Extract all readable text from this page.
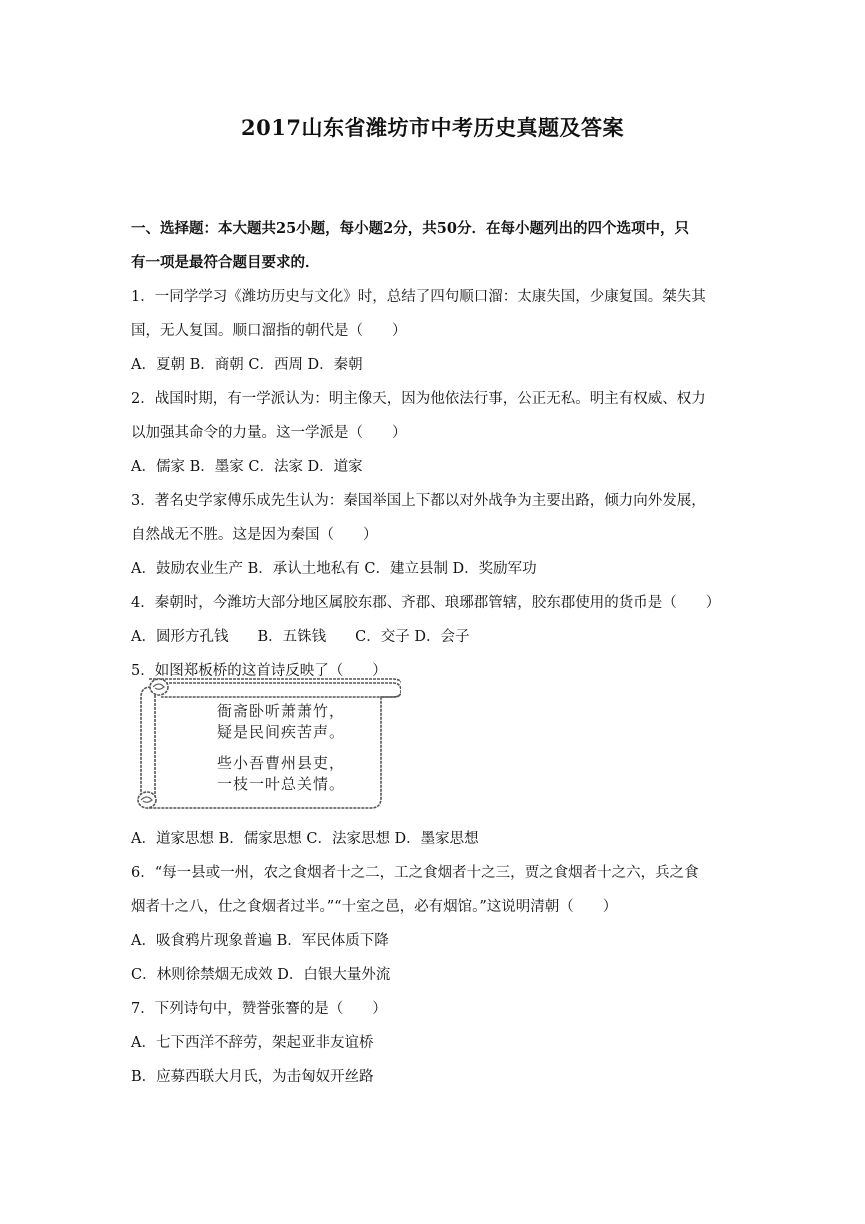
2017山东省潍坊市中考历史真题及答案
一、选择题：本大题共25小题，每小题2分，共50分．在每小题列出的四个选项中，只
有一项是最符合题目要求的．
1．一同学学习《潍坊历史与文化》时，总结了四句顺口溜：太康失国，少康复国。桀失其
国，无人复国。顺口溜指的朝代是（　　）
A．夏朝 B．商朝 C．西周 D．秦朝
2．战国时期，有一学派认为：明主像天，因为他依法行事，公正无私。明主有权威、权力
以加强其命令的力量。这一学派是（　　）
A．儒家 B．墨家 C．法家 D．道家
3．著名史学家傅乐成先生认为：秦国举国上下都以对外战争为主要出路，倾力向外发展，
自然战无不胜。这是因为秦国（　　）
A．鼓励农业生产 B．承认土地私有 C．建立县制 D．奖励军功
4．秦朝时，今潍坊大部分地区属胶东郡、齐郡、琅琊郡管辖，胶东郡使用的货币是（　　）
A．圆形方孔钱　　B．五铢钱　　C．交子 D．会子
5．如图郑板桥的这首诗反映了（　　）
衙斋卧听萧萧竹，
疑是民间疾苦声。
些小吾曹州县吏，
一枝一叶总关情。
A．道家思想 B．儒家思想 C．法家思想 D．墨家思想
6．“每一县或一州，农之食烟者十之二，工之食烟者十之三，贾之食烟者十之六，兵之食
烟者十之八，仕之食烟者过半。”“十室之邑，必有烟馆。”这说明清朝（　　）
A．吸食鸦片现象普遍 B．军民体质下降
C．林则徐禁烟无成效 D．白银大量外流
7．下列诗句中，赞誉张謇的是（　　）
A．七下西洋不辞劳，架起亚非友谊桥
B．应募西联大月氏，为击匈奴开丝路
